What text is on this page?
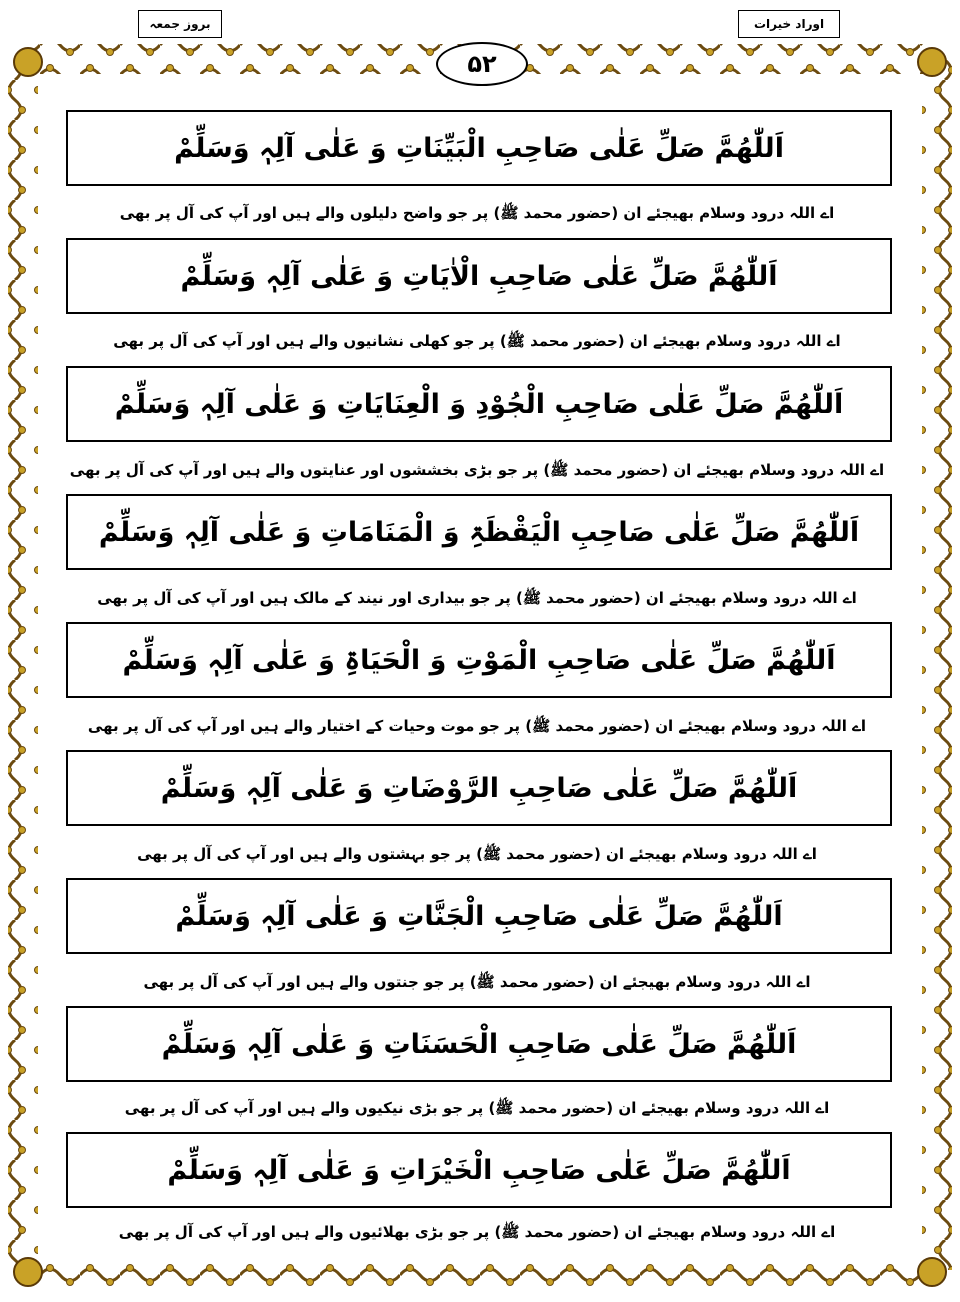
اوراد خیرات
بروز جمعہ
۵۲
اَللّٰھُمَّ صَلِّ عَلٰی صَاحِبِ الْبَیِّنَاتِ وَ عَلٰی آلِہٖ وَسَلِّمْ
اے اللہ درود وسلام بھیجئے ان (حضور محمد ﷺ) پر جو واضح دلیلوں والے ہیں اور آپ کی آل پر بھی
اَللّٰھُمَّ صَلِّ عَلٰی صَاحِبِ الْاٰیَاتِ وَ عَلٰی آلِہٖ وَسَلِّمْ
اے اللہ درود وسلام بھیجئے ان (حضور محمد ﷺ) پر جو کھلی نشانیوں والے ہیں اور آپ کی آل پر بھی
اَللّٰھُمَّ صَلِّ عَلٰی صَاحِبِ الْجُوْدِ وَ الْعِنَایَاتِ وَ عَلٰی آلِہٖ وَسَلِّمْ
اے اللہ درود وسلام بھیجئے ان (حضور محمد ﷺ) پر جو بڑی بخششوں اور عنایتوں والے ہیں اور آپ کی آل پر بھی
اَللّٰھُمَّ صَلِّ عَلٰی صَاحِبِ الْیَقْظَۃِ وَ الْمَنَامَاتِ وَ عَلٰی آلِہٖ وَسَلِّمْ
اے اللہ درود وسلام بھیجئے ان (حضور محمد ﷺ) پر جو بیداری اور نیند کے مالک ہیں اور آپ کی آل پر بھی
اَللّٰھُمَّ صَلِّ عَلٰی صَاحِبِ الْمَوْتِ وَ الْحَیَاۃِ وَ عَلٰی آلِہٖ وَسَلِّمْ
اے اللہ درود وسلام بھیجئے ان (حضور محمد ﷺ) پر جو موت وحیات کے اختیار والے ہیں اور آپ کی آل پر بھی
اَللّٰھُمَّ صَلِّ عَلٰی صَاحِبِ الرَّوْضَاتِ وَ عَلٰی آلِہٖ وَسَلِّمْ
اے اللہ درود وسلام بھیجئے ان (حضور محمد ﷺ) پر جو بہشتوں والے ہیں اور آپ کی آل پر بھی
اَللّٰھُمَّ صَلِّ عَلٰی صَاحِبِ الْجَنَّاتِ وَ عَلٰی آلِہٖ وَسَلِّمْ
اے اللہ درود وسلام بھیجئے ان (حضور محمد ﷺ) پر جو جنتوں والے ہیں اور آپ کی آل پر بھی
اَللّٰھُمَّ صَلِّ عَلٰی صَاحِبِ الْحَسَنَاتِ وَ عَلٰی آلِہٖ وَسَلِّمْ
اے اللہ درود وسلام بھیجئے ان (حضور محمد ﷺ) پر جو بڑی نیکیوں والے ہیں اور آپ کی آل پر بھی
اَللّٰھُمَّ صَلِّ عَلٰی صَاحِبِ الْخَیْرَاتِ وَ عَلٰی آلِہٖ وَسَلِّمْ
اے اللہ درود وسلام بھیجئے ان (حضور محمد ﷺ) پر جو بڑی بھلائیوں والے ہیں اور آپ کی آل پر بھی
